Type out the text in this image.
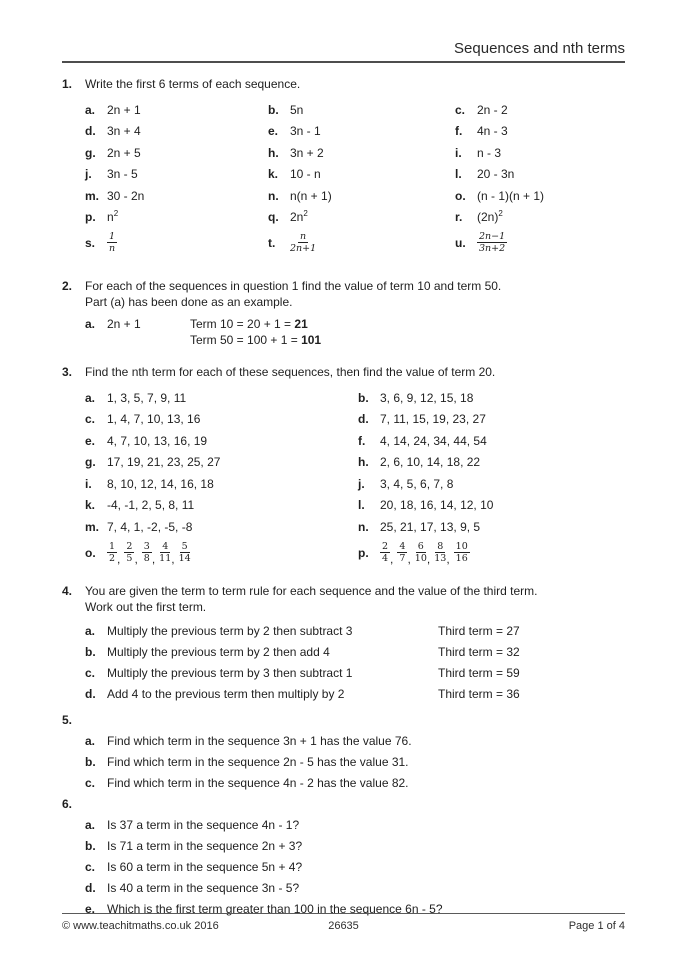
Sequences and nth terms
1.	Write the first 6 terms of each sequence.
a. 2n + 1	b. 5n	c. 2n - 2
d. 3n + 4	e. 3n - 1	f.	4n - 3
g. 2n + 5	h. 3n + 2	i.	n - 3
j.	3n - 5	k. 10 - n	l.	20 - 3n
m. 30 - 2n	n. n(n + 1)	o. (n - 1)(n + 1)
p. $n^2$	q. $2n^2$	r.	$(2n)^2$
s.	$\frac{1}{n}$	t.	$\frac{n}{2n+1}$	u.	$\frac{2n-1}{3n+2}$
2.	For each of the sequences in question 1 find the value of term 10 and term 50.
Part (a) has been done as an example.
a. 2n + 1	Term 10 = 20 + 1 = 21
Term 50 = 100 + 1 = 101
3.	Find the nth term for each of these sequences, then find the value of term 20.
a. 1, 3, 5, 7, 9, 11	b. 3, 6, 9, 12, 15, 18
c. 1, 4, 7, 10, 13, 16	d. 7, 11, 15, 19, 23, 27
e. 4, 7, 10, 13, 16, 19	f.	4, 14, 24, 34, 44, 54
g. 17, 19, 21, 23, 25, 27	h. 2, 6, 10, 14, 18, 22
i.	8, 10, 12, 14, 16, 18	j.	3, 4, 5, 6, 7, 8
k. -4, -1, 2, 5, 8, 11	l.	20, 18, 16, 14, 12, 10
m. 7, 4, 1, -2, -5, -8	n. 25, 21, 17, 13, 9, 5
o.	$\frac{1}{2}$ , $\frac{2}{5}$ , $\frac{3}{8}$ , $\frac{4}{11}$ , $\frac{5}{14}$	p.	$\frac{2}{4}$ , $\frac{4}{7}$ , $\frac{6}{10}$ , $\frac{8}{13}$ , $\frac{10}{16}$
4.	You are given the term to term rule for each sequence and the value of the third term.
Work out the first term.
a. Multiply the previous term by 2 then subtract 3	Third term = 27
b. Multiply the previous term by 2 then add 4	Third term = 32
c. Multiply the previous term by 3 then subtract 1	Third term = 59
d. Add 4 to the previous term then multiply by 2	Third term = 36
5.
a. Find which term in the sequence 3n + 1 has the value 76.
b. Find which term in the sequence 2n - 5 has the value 31.
c. Find which term in the sequence 4n - 2 has the value 82.
6.
a. Is 37 a term in the sequence 4n - 1?
b. Is 71 a term in the sequence 2n + 3?
c. Is 60 a term in the sequence 5n + 4?
d. Is 40 a term in the sequence 3n - 5?
e. Which is the first term greater than 100 in the sequence 6n - 5?
© www.teachitmaths.co.uk 2016	26635	Page 1 of 4
